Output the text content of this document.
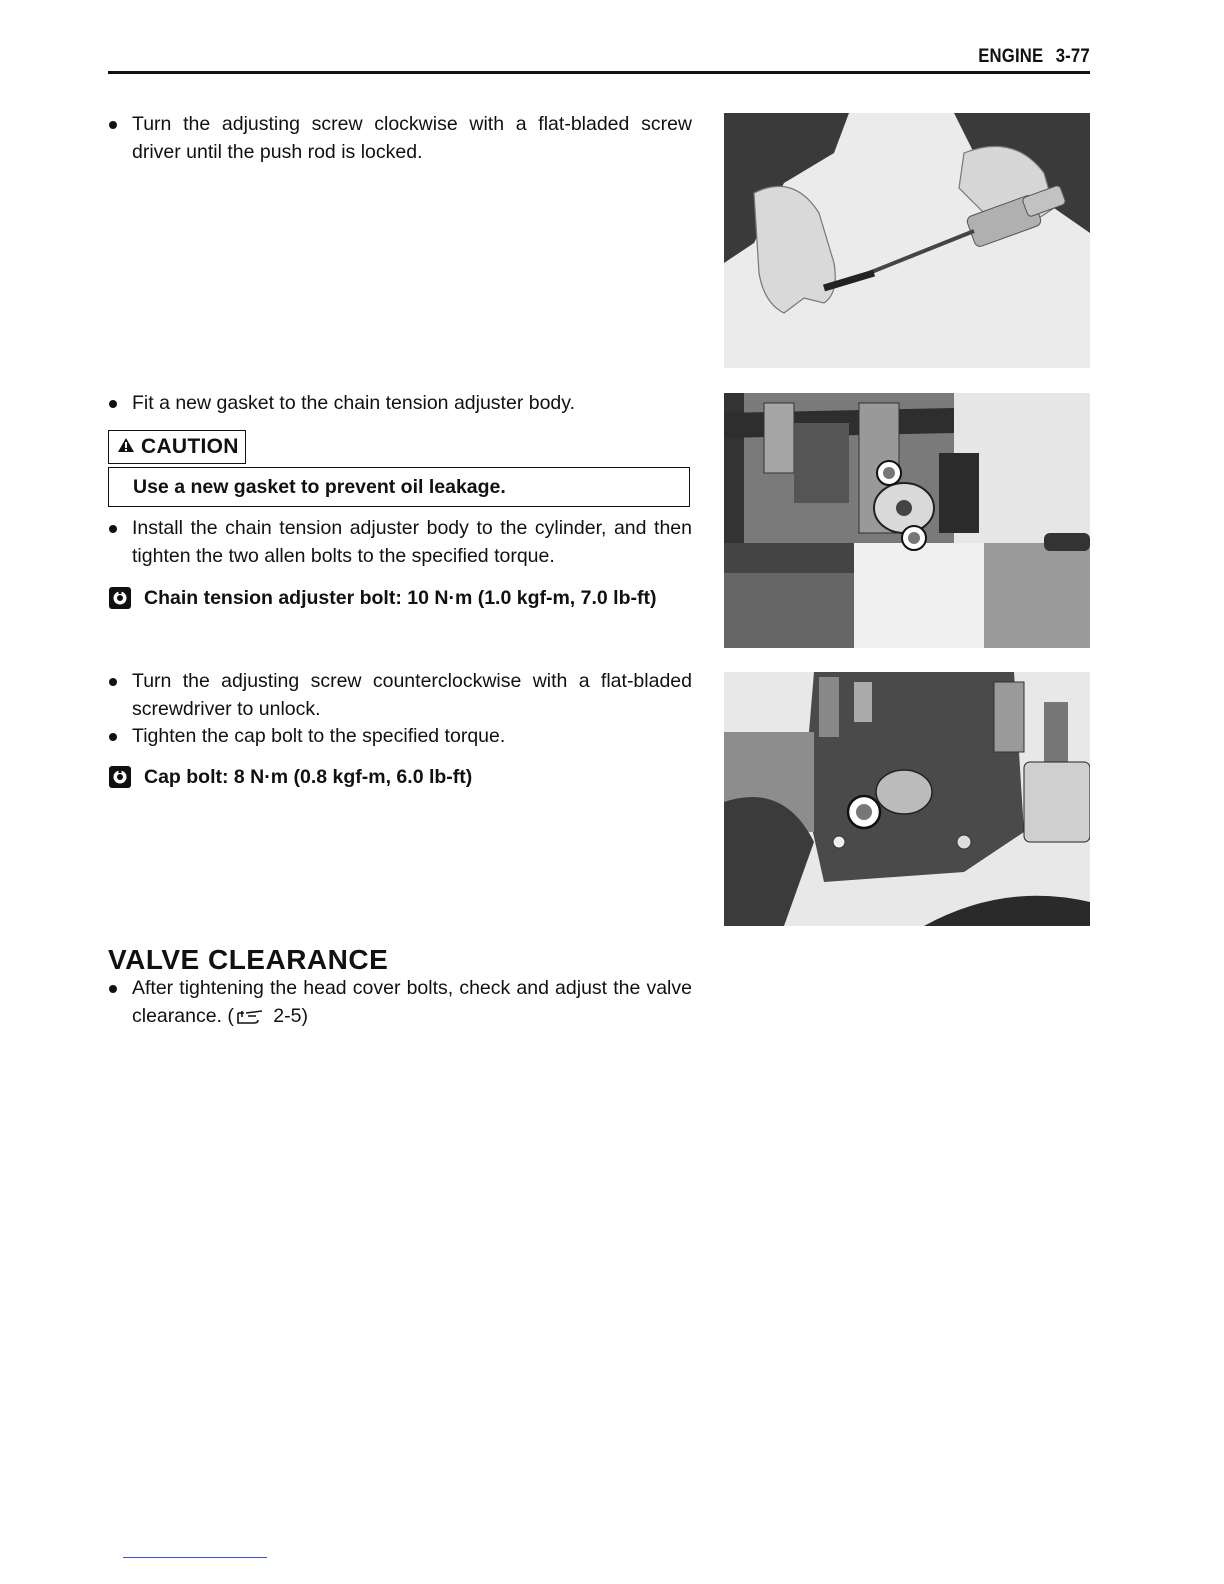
ENGINE 3-77
Turn the adjusting screw clockwise with a flat-bladed screw driver until the push rod is locked.
Fit a new gasket to the chain tension adjuster body.
CAUTION
Use a new gasket to prevent oil leakage.
Install the chain tension adjuster body to the cylinder, and then tighten the two allen bolts to the specified torque.
Chain tension adjuster bolt: 10 N·m (1.0 kgf-m, 7.0 lb-ft)
Turn the adjusting screw counterclockwise with a flat-bladed screwdriver to unlock.
Tighten the cap bolt to the specified torque.
Cap bolt: 8 N·m (0.8 kgf-m, 6.0 lb-ft)
VALVE CLEARANCE
After tightening the head cover bolts, check and adjust the valve clearance. ( 2-5)
